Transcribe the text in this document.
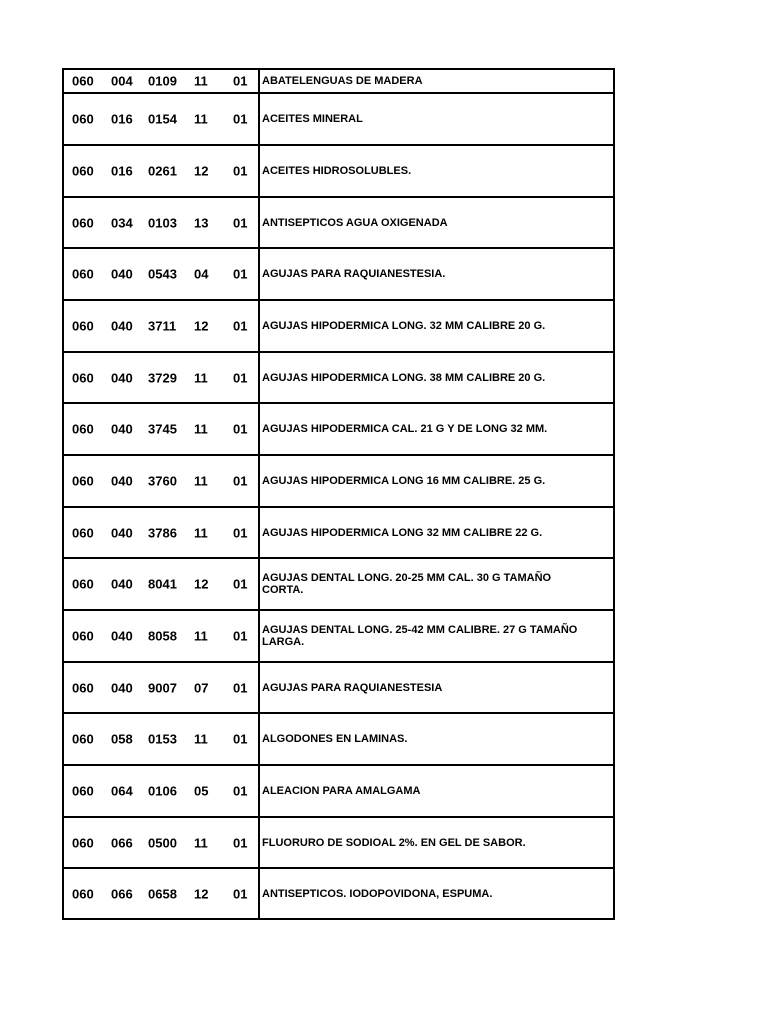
060 004 0109 11 01 ABATELENGUAS DE MADERA
060 016 0154 11 01 ACEITES MINERAL
060 016 0261 12 01 ACEITES HIDROSOLUBLES.
060 034 0103 13 01 ANTISEPTICOS AGUA OXIGENADA
060 040 0543 04 01 AGUJAS PARA RAQUIANESTESIA.
060 040 3711 12 01 AGUJAS HIPODERMICA LONG. 32 MM CALIBRE 20 G.
060 040 3729 11 01 AGUJAS HIPODERMICA LONG. 38 MM CALIBRE 20 G.
060 040 3745 11 01 AGUJAS HIPODERMICA CAL. 21 G Y DE LONG 32 MM.
060 040 3760 11 01 AGUJAS HIPODERMICA LONG 16 MM CALIBRE. 25 G.
060 040 3786 11 01 AGUJAS HIPODERMICA LONG 32 MM CALIBRE 22 G.
060 040 8041 12 01 AGUJAS DENTAL LONG. 20-25 MM CAL. 30 G TAMAÑO CORTA.
060 040 8058 11 01 AGUJAS DENTAL LONG. 25-42 MM CALIBRE. 27 G TAMAÑO LARGA.
060 040 9007 07 01 AGUJAS PARA RAQUIANESTESIA
060 058 0153 11 01 ALGODONES EN LAMINAS.
060 064 0106 05 01 ALEACION PARA AMALGAMA
060 066 0500 11 01 FLUORURO DE SODIOAL 2%. EN GEL DE SABOR.
060 066 0658 12 01 ANTISEPTICOS. IODOPOVIDONA, ESPUMA.
